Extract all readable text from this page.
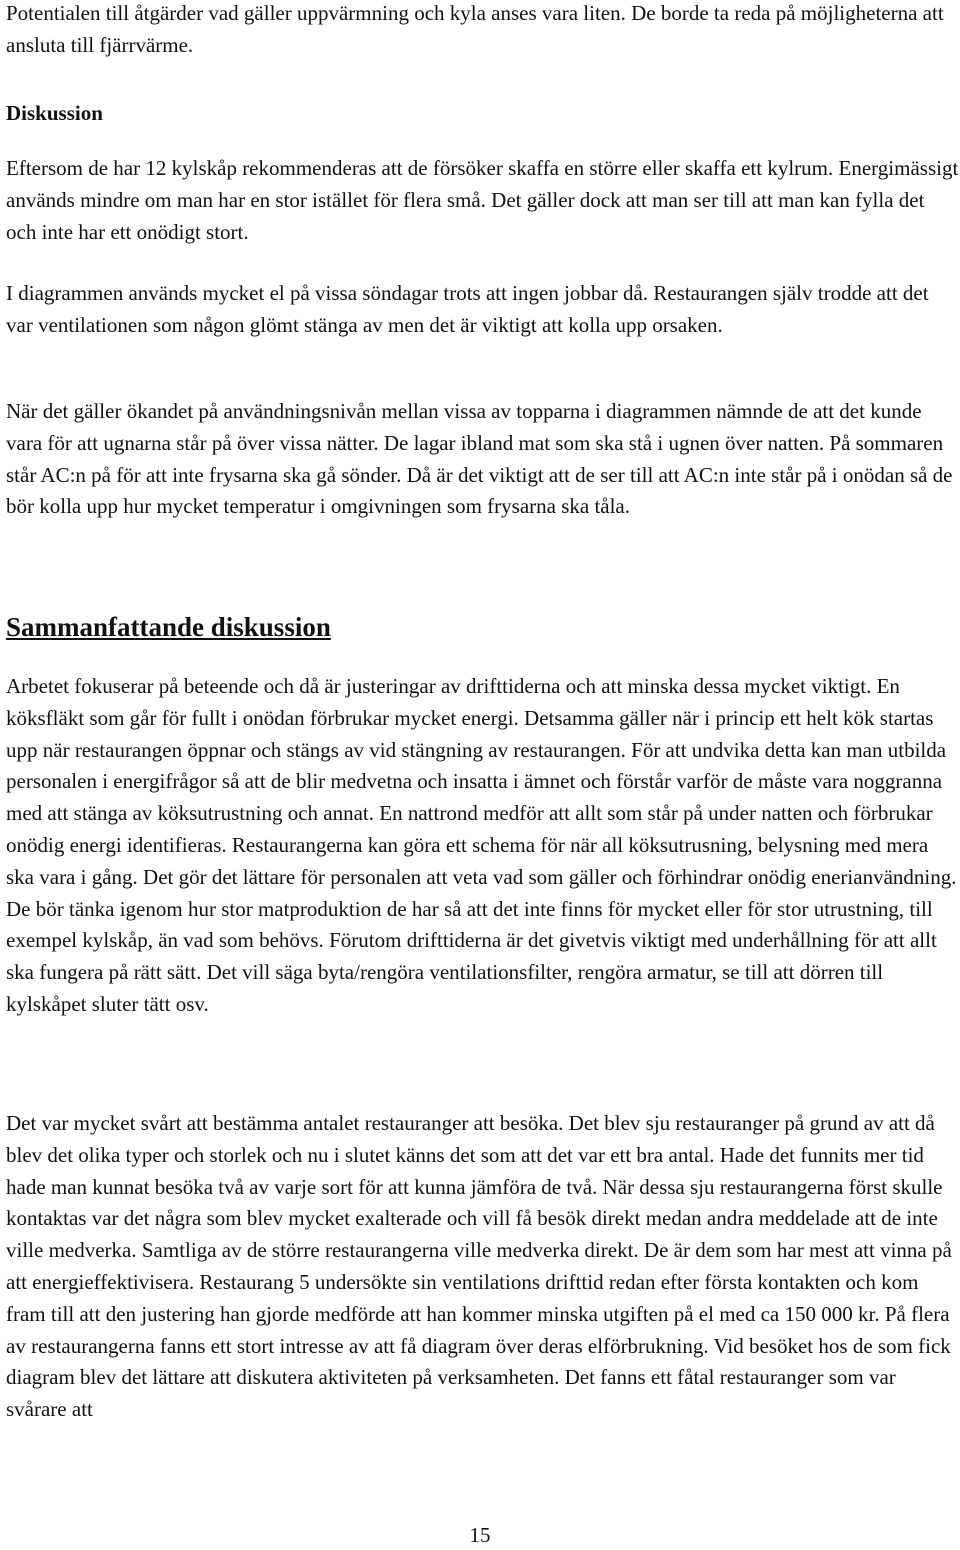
Potentialen till åtgärder vad gäller uppvärmning och kyla anses vara liten. De borde ta reda på möjligheterna att ansluta till fjärrvärme.

Diskussion

Eftersom de har 12 kylskåp rekommenderas att de försöker skaffa en större eller skaffa ett kylrum. Energimässigt används mindre om man har en stor istället för flera små. Det gäller dock att man ser till att man kan fylla det och inte har ett onödigt stort.

I diagrammen används mycket el på vissa söndagar trots att ingen jobbar då. Restaurangen själv trodde att det var ventilationen som någon glömt stänga av men det är viktigt att kolla upp orsaken.

När det gäller ökandet på användningsnivån mellan vissa av topparna i diagrammen nämnde de att det kunde vara för att ugnarna står på över vissa nätter. De lagar ibland mat som ska stå i ugnen över natten. På sommaren står AC:n på för att inte frysarna ska gå sönder. Då är det viktigt att de ser till att AC:n inte står på i onödan så de bör kolla upp hur mycket temperatur i omgivningen som frysarna ska tåla.

Sammanfattande diskussion

Arbetet fokuserar på beteende och då är justeringar av drifttiderna och att minska dessa mycket viktigt. En köksfläkt som går för fullt i onödan förbrukar mycket energi. Detsamma gäller när i princip ett helt kök startas upp när restaurangen öppnar och stängs av vid stängning av restaurangen. För att undvika detta kan man utbilda personalen i energifrågor så att de blir medvetna och insatta i ämnet och förstår varför de måste vara noggranna med att stänga av köksutrustning och annat. En nattrond medför att allt som står på under natten och förbrukar onödig energi identifieras. Restaurangerna kan göra ett schema för när all köksutrusning, belysning med mera ska vara i gång. Det gör det lättare för personalen att veta vad som gäller och förhindrar onödig enerianvändning. De bör tänka igenom hur stor matproduktion de har så att det inte finns för mycket eller för stor utrustning, till exempel kylskåp, än vad som behövs. Förutom drifttiderna är det givetvis viktigt med underhållning för att allt ska fungera på rätt sätt. Det vill säga byta/rengöra ventilationsfilter, rengöra armatur, se till att dörren till kylskåpet sluter tätt osv.

Det var mycket svårt att bestämma antalet restauranger att besöka. Det blev sju restauranger på grund av att då blev det olika typer och storlek och nu i slutet känns det som att det var ett bra antal. Hade det funnits mer tid hade man kunnat besöka två av varje sort för att kunna jämföra de två. När dessa sju restaurangerna först skulle kontaktas var det några som blev mycket exalterade och vill få besök direkt medan andra meddelade att de inte ville medverka. Samtliga av de större restaurangerna ville medverka direkt. De är dem som har mest att vinna på att energieffektivisera. Restaurang 5 undersökte sin ventilations drifttid redan efter första kontakten och kom fram till att den justering han gjorde medförde att han kommer minska utgiften på el med ca 150 000 kr. På flera av restaurangerna fanns ett stort intresse av att få diagram över deras elförbrukning. Vid besöket hos de som fick diagram blev det lättare att diskutera aktiviteten på verksamheten. Det fanns ett fåtal restauranger som var svårare att

15
